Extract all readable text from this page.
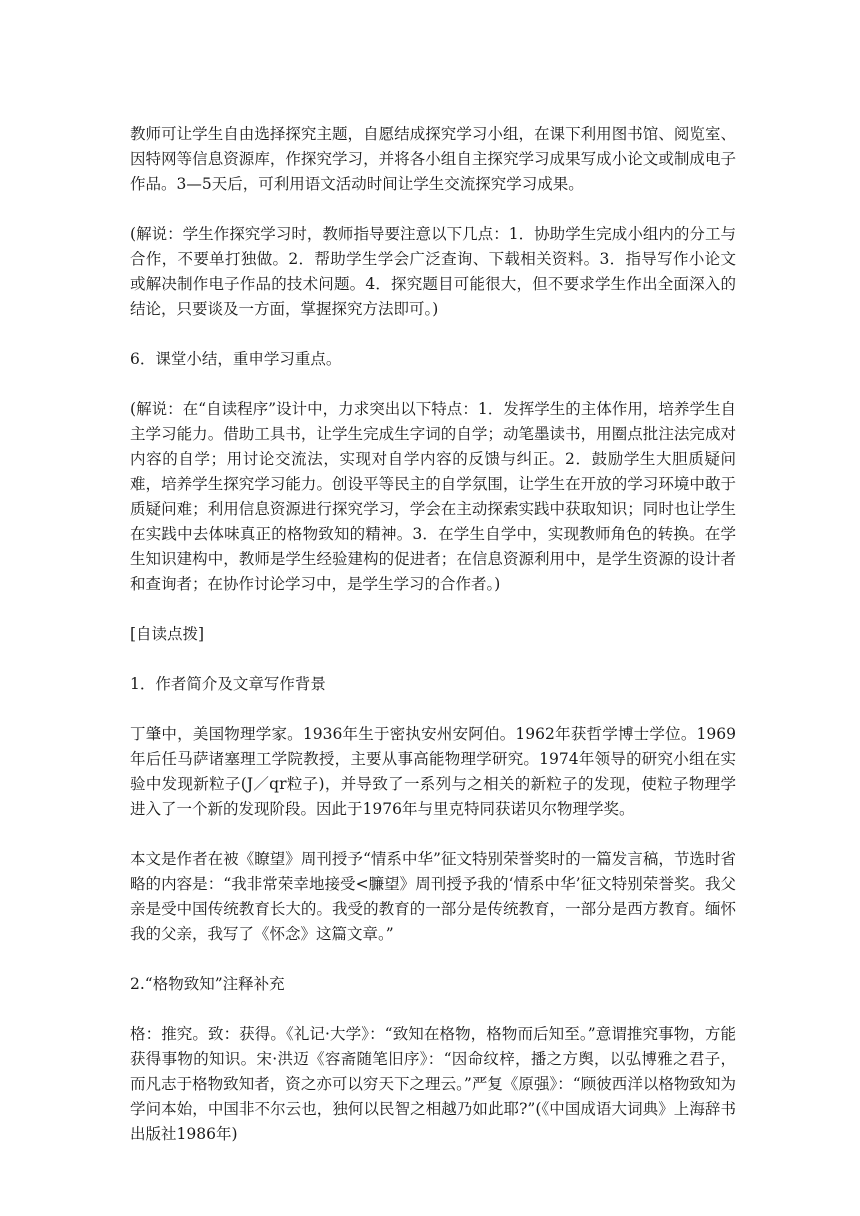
教师可让学生自由选择探究主题，自愿结成探究学习小组，在课下利用图书馆、阅览室、因特网等信息资源库，作探究学习，并将各小组自主探究学习成果写成小论文或制成电子作品。3—5天后，可利用语文活动时间让学生交流探究学习成果。

(解说：学生作探究学习时，教师指导要注意以下几点：1．协助学生完成小组内的分工与合作，不要单打独做。2．帮助学生学会广泛查询、下载相关资料。3．指导写作小论文或解决制作电子作品的技术问题。4．探究题目可能很大，但不要求学生作出全面深入的结论，只要谈及一方面，掌握探究方法即可。)

6．课堂小结，重申学习重点。

(解说：在“自读程序”设计中，力求突出以下特点：1．发挥学生的主体作用，培养学生自主学习能力。借助工具书，让学生完成生字词的自学；动笔墨读书，用圈点批注法完成对内容的自学；用讨论交流法，实现对自学内容的反馈与纠正。2．鼓励学生大胆质疑问难，培养学生探究学习能力。创设平等民主的自学氛围，让学生在开放的学习环境中敢于质疑问难；利用信息资源进行探究学习，学会在主动探索实践中获取知识；同时也让学生在实践中去体味真正的格物致知的精神。3．在学生自学中，实现教师角色的转换。在学生知识建构中，教师是学生经验建构的促进者；在信息资源利用中，是学生资源的设计者和查询者；在协作讨论学习中，是学生学习的合作者。)

[自读点拨]

1．作者简介及文章写作背景

丁肇中，美国物理学家。1936年生于密执安州安阿伯。1962年获哲学博士学位。1969年后任马萨诸塞理工学院教授，主要从事高能物理学研究。1974年领导的研究小组在实验中发现新粒子(J／qr粒子)，并导致了一系列与之相关的新粒子的发现，使粒子物理学进入了一个新的发现阶段。因此于1976年与里克特同获诺贝尔物理学奖。

本文是作者在被《瞭望》周刊授予“情系中华”征文特别荣誉奖时的一篇发言稿，节选时省略的内容是：“我非常荣幸地接受<臁望》周刊授予我的‘情系中华’征文特别荣誉奖。我父亲是受中国传统教育长大的。我受的教育的一部分是传统教育，一部分是西方教育。缅怀我的父亲，我写了《怀念》这篇文章。”

2.“格物致知”注释补充

格：推究。致：获得。《礼记·大学》：“致知在格物，格物而后知至。”意谓推究事物，方能获得事物的知识。宋·洪迈《容斋随笔旧序》：“因命纹梓，播之方舆，以弘博雅之君子，而凡志于格物致知者，资之亦可以穷天下之理云。”严复《原强》：“顾彼西洋以格物致知为学问本始，中国非不尔云也，独何以民智之相越乃如此耶?”(《中国成语大词典》上海辞书出版社1986年)
